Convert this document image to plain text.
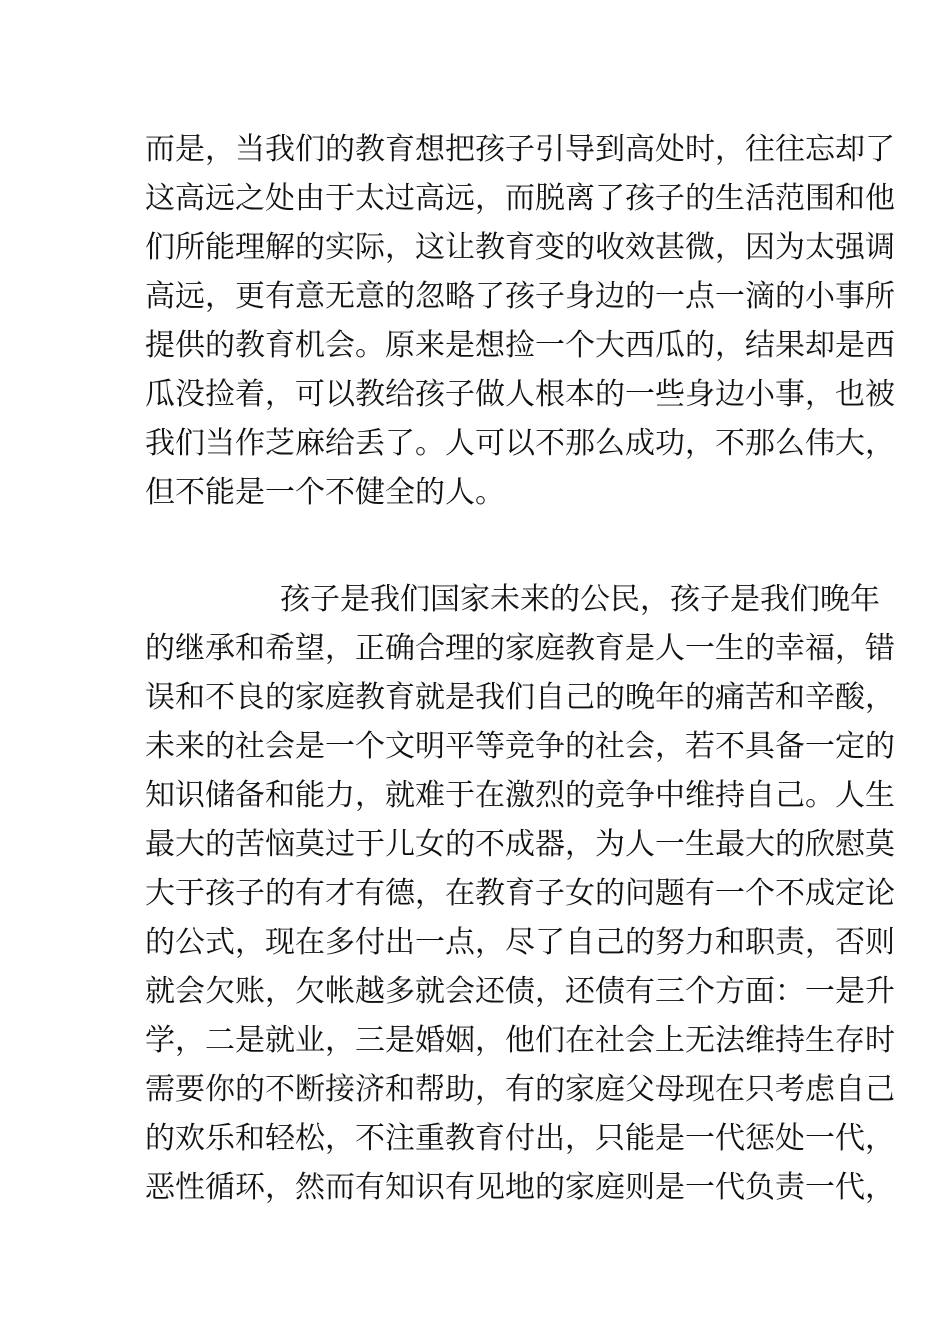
而是，当我们的教育想把孩子引导到高处时，往往忘却了
这高远之处由于太过高远，而脱离了孩子的生活范围和他
们所能理解的实际，这让教育变的收效甚微，因为太强调
高远，更有意无意的忽略了孩子身边的一点一滴的小事所
提供的教育机会。原来是想捡一个大西瓜的，结果却是西
瓜没捡着，可以教给孩子做人根本的一些身边小事，也被
我们当作芝麻给丢了。人可以不那么成功，不那么伟大，
但不能是一个不健全的人。
孩子是我们国家未来的公民，孩子是我们晚年
的继承和希望，正确合理的家庭教育是人一生的幸福，错
误和不良的家庭教育就是我们自己的晚年的痛苦和辛酸，
未来的社会是一个文明平等竞争的社会，若不具备一定的
知识储备和能力，就难于在激烈的竞争中维持自己。人生
最大的苦恼莫过于儿女的不成器，为人一生最大的欣慰莫
大于孩子的有才有德，在教育子女的问题有一个不成定论
的公式，现在多付出一点，尽了自己的努力和职责，否则
就会欠账，欠帐越多就会还债，还债有三个方面：一是升
学，二是就业，三是婚姻，他们在社会上无法维持生存时
需要你的不断接济和帮助，有的家庭父母现在只考虑自己
的欢乐和轻松，不注重教育付出，只能是一代惩处一代，
恶性循环，然而有知识有见地的家庭则是一代负责一代，
